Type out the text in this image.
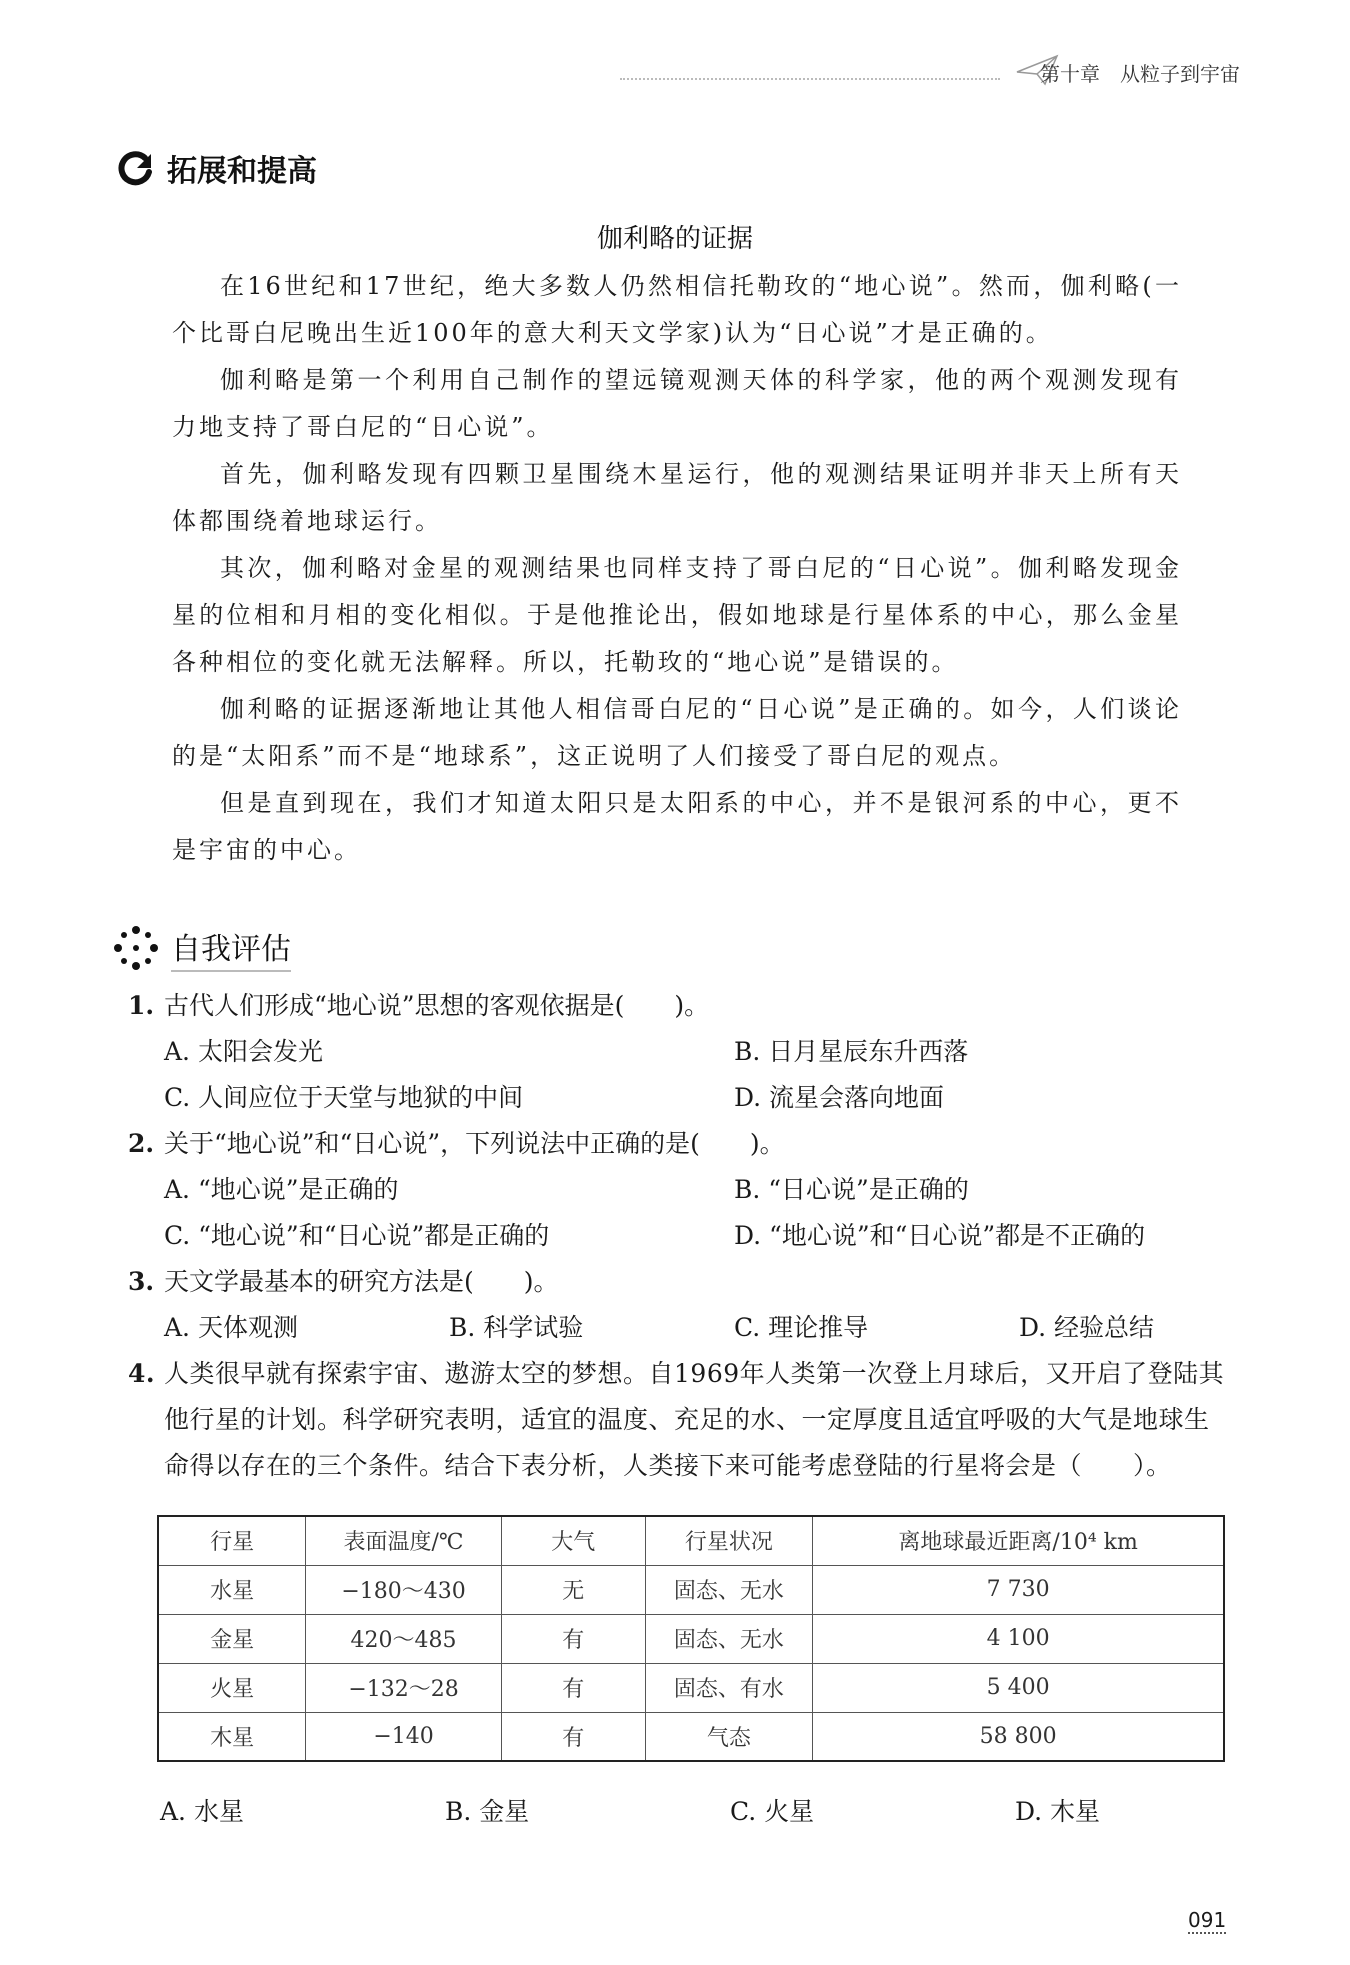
第十章　从粒子到宇宙
拓展和提高
伽利略的证据

在16世纪和17世纪，绝大多数人仍然相信托勒玫的“地心说”。然而，伽利略(一个比哥白尼晚出生近100年的意大利天文学家)认为“日心说”才是正确的。

伽利略是第一个利用自己制作的望远镜观测天体的科学家，他的两个观测发现有力地支持了哥白尼的“日心说”。

首先，伽利略发现有四颗卫星围绕木星运行，他的观测结果证明并非天上所有天体都围绕着地球运行。

其次，伽利略对金星的观测结果也同样支持了哥白尼的“日心说”。伽利略发现金星的位相和月相的变化相似。于是他推论出，假如地球是行星体系的中心，那么金星各种相位的变化就无法解释。所以，托勒玫的“地心说”是错误的。

伽利略的证据逐渐地让其他人相信哥白尼的“日心说”是正确的。如今，人们谈论的是“太阳系”而不是“地球系”，这正说明了人们接受了哥白尼的观点。

但是直到现在，我们才知道太阳只是太阳系的中心，并不是银河系的中心，更不是宇宙的中心。

自我评估
1. 古代人们形成“地心说”思想的客观依据是(　　)。
A. 太阳会发光	B. 日月星辰东升西落
C. 人间应位于天堂与地狱的中间	D. 流星会落向地面
2. 关于“地心说”和“日心说”，下列说法中正确的是(　　)。
A. “地心说”是正确的	B. “日心说”是正确的
C. “地心说”和“日心说”都是正确的	D. “地心说”和“日心说”都是不正确的
3. 天文学最基本的研究方法是(　　)。
A. 天体观测	B. 科学试验	C. 理论推导	D. 经验总结
4. 人类很早就有探索宇宙、遨游太空的梦想。自1969年人类第一次登上月球后，又开启了登陆其他行星的计划。科学研究表明，适宜的温度、充足的水、一定厚度且适宜呼吸的大气是地球生命得以存在的三个条件。结合下表分析，人类接下来可能考虑登陆的行星将会是（　　）。
行星	表面温度/℃	大气	行星状况	离地球最近距离/10⁴ km
水星	−180～430	无	固态、无水	7 730
金星	420～485	有	固态、无水	4 100
火星	−132～28	有	固态、有水	5 400
木星	−140	有	气态	58 800
A. 水星	B. 金星	C. 火星	D. 木星
091
